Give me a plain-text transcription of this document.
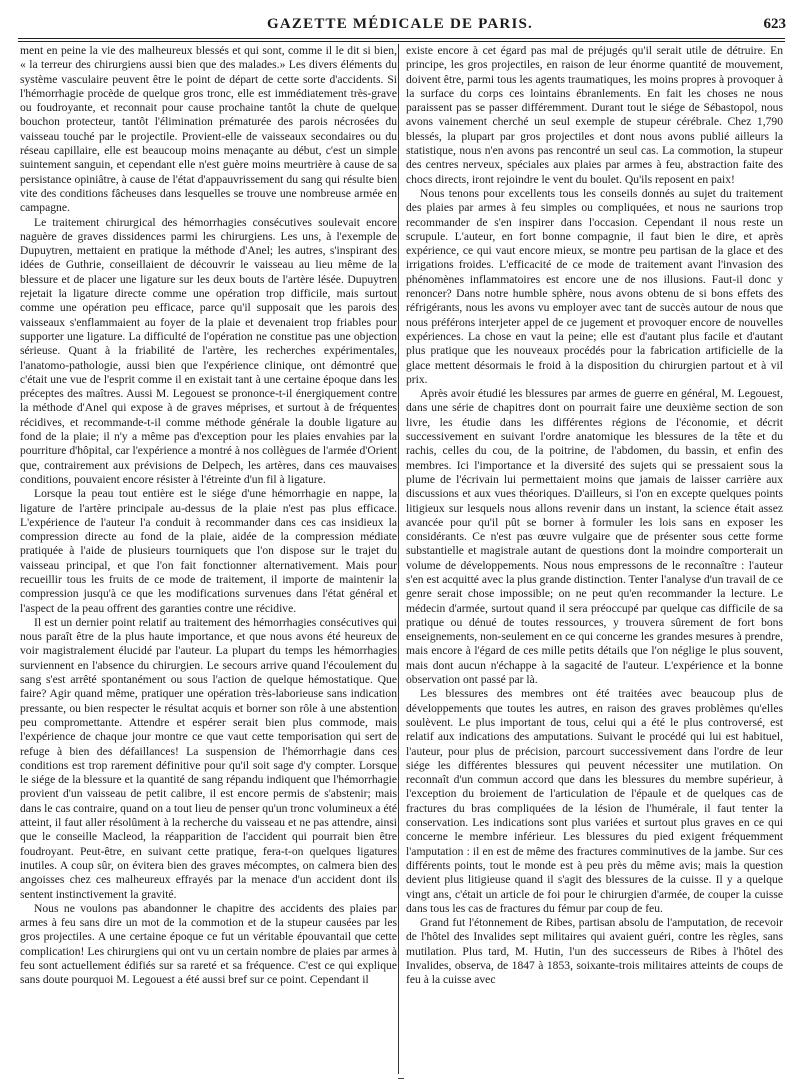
GAZETTE MÉDICALE DE PARIS.	623

ment en peine la vie des malheureux blessés et qui sont, comme il le dit si bien, « la terreur des chirurgiens aussi bien que des malades.» Les divers éléments du système vasculaire peuvent être le point de départ de cette sorte d'accidents. Si l'hémorrhagie procède de quelque gros tronc, elle est immédiatement très-grave ou foudroyante, et reconnait pour cause prochaine tantôt la chute de quelque bouchon protecteur, tantôt l'élimination prématurée des parois nécrosées du vaisseau touché par le projectile. Provient-elle de vaisseaux secondaires ou du réseau capillaire, elle est beaucoup moins menaçante au début, c'est un simple suintement sanguin, et cependant elle n'est guère moins meurtrière à cause de sa persistance opiniâtre, à cause de l'état d'appauvrissement du sang qui résulte bien vite des conditions fâcheuses dans lesquelles se trouve une nombreuse armée en campagne.

Le traitement chirurgical des hémorrhagies consécutives soulevait encore naguère de graves dissidences parmi les chirurgiens. Les uns, à l'exemple de Dupuytren, mettaient en pratique la méthode d'Anel; les autres, s'inspirant des idées de Guthrie, conseillaient de découvrir le vaisseau au lieu même de la blessure et de placer une ligature sur les deux bouts de l'artère lésée. Dupuytren rejetait la ligature directe comme une opération trop difficile, mais surtout comme une opération peu efficace, parce qu'il supposait que les parois des vaisseaux s'enflammaient au foyer de la plaie et devenaient trop friables pour supporter une ligature. La difficulté de l'opération ne constitue pas une objection sérieuse. Quant à la friabilité de l'artère, les recherches expérimentales, l'anatomo-pathologie, aussi bien que l'expérience clinique, ont démontré que c'était une vue de l'esprit comme il en existait tant à une certaine époque dans les préceptes des maîtres. Aussi M. Legouest se prononce-t-il énergiquement contre la méthode d'Anel qui expose à de graves méprises, et surtout à de fréquentes récidives, et recommande-t-il comme méthode générale la double ligature au fond de la plaie; il n'y a même pas d'exception pour les plaies envahies par la pourriture d'hôpital, car l'expérience a montré à nos collègues de l'armée d'Orient que, contrairement aux prévisions de Delpech, les artères, dans ces mauvaises conditions, pouvaient encore résister à l'étreinte d'un fil à ligature.

Lorsque la peau tout entière est le siége d'une hémorrhagie en nappe, la ligature de l'artère principale au-dessus de la plaie n'est pas plus efficace. L'expérience de l'auteur l'a conduit à recommander dans ces cas insidieux la compression directe au fond de la plaie, aidée de la compression médiate pratiquée à l'aide de plusieurs tourniquets que l'on dispose sur le trajet du vaisseau principal, et que l'on fait fonctionner alternativement. Mais pour recueillir tous les fruits de ce mode de traitement, il importe de maintenir la compression jusqu'à ce que les modifications survenues dans l'état général et l'aspect de la peau offrent des garanties contre une récidive.

Il est un dernier point relatif au traitement des hémorrhagies consécutives qui nous paraît être de la plus haute importance, et que nous avons été heureux de voir magistralement élucidé par l'auteur. La plupart du temps les hémorrhagies surviennent en l'absence du chirurgien. Le secours arrive quand l'écoulement du sang s'est arrêté spontanément ou sous l'action de quelque hémostatique. Que faire? Agir quand même, pratiquer une opération très-laborieuse sans indication pressante, ou bien respecter le résultat acquis et borner son rôle à une abstention peu compromettante. Attendre et espérer serait bien plus commode, mais l'expérience de chaque jour montre ce que vaut cette temporisation qui sert de refuge à bien des défaillances! La suspension de l'hémorrhagie dans ces conditions est trop rarement définitive pour qu'il soit sage d'y compter. Lorsque le siége de la blessure et la quantité de sang répandu indiquent que l'hémorrhagie provient d'un vaisseau de petit calibre, il est encore permis de s'abstenir; mais dans le cas contraire, quand on a tout lieu de penser qu'un tronc volumineux a été atteint, il faut aller résolûment à la recherche du vaisseau et ne pas attendre, ainsi que le conseille Macleod, la réapparition de l'accident qui pourrait bien être foudroyant. Peut-être, en suivant cette pratique, fera-t-on quelques ligatures inutiles. A coup sûr, on évitera bien des graves mécomptes, on calmera bien des angoisses chez ces malheureux effrayés par la menace d'un accident dont ils sentent instinctivement la gravité.

Nous ne voulons pas abandonner le chapitre des accidents des plaies par armes à feu sans dire un mot de la commotion et de la stupeur causées par les gros projectiles. A une certaine époque ce fut un véritable épouvantail que cette complication! Les chirurgiens qui ont vu un certain nombre de plaies par armes à feu sont actuellement édifiés sur sa rareté et sa fréquence. C'est ce qui explique sans doute pourquoi M. Legouest a été aussi bref sur ce point. Cependant il

existe encore à cet égard pas mal de préjugés qu'il serait utile de détruire. En principe, les gros projectiles, en raison de leur énorme quantité de mouvement, doivent être, parmi tous les agents traumatiques, les moins propres à provoquer à la surface du corps ces lointains ébranlements. En fait les choses ne nous paraissent pas se passer différemment. Durant tout le siége de Sébastopol, nous avons vainement cherché un seul exemple de stupeur cérébrale. Chez 1,790 blessés, la plupart par gros projectiles et dont nous avons publié ailleurs la statistique, nous n'en avons pas rencontré un seul cas. La commotion, la stupeur des centres nerveux, spéciales aux plaies par armes à feu, abstraction faite des chocs directs, iront rejoindre le vent du boulet. Qu'ils reposent en paix!

Nous tenons pour excellents tous les conseils donnés au sujet du traitement des plaies par armes à feu simples ou compliquées, et nous ne saurions trop recommander de s'en inspirer dans l'occasion. Cependant il nous reste un scrupule. L'auteur, en fort bonne compagnie, il faut bien le dire, et après expérience, ce qui vaut encore mieux, se montre peu partisan de la glace et des irrigations froides. L'efficacité de ce mode de traitement avant l'invasion des phénomènes inflammatoires est encore une de nos illusions. Faut-il donc y renoncer? Dans notre humble sphère, nous avons obtenu de si bons effets des réfrigérants, nous les avons vu employer avec tant de succès autour de nous que nous préférons interjeter appel de ce jugement et provoquer encore de nouvelles expériences. La chose en vaut la peine; elle est d'autant plus facile et d'autant plus pratique que les nouveaux procédés pour la fabrication artificielle de la glace mettent désormais le froid à la disposition du chirurgien partout et à vil prix.

Après avoir étudié les blessures par armes de guerre en général, M. Legouest, dans une série de chapitres dont on pourrait faire une deuxième section de son livre, les étudie dans les différentes régions de l'économie, et décrit successivement en suivant l'ordre anatomique les blessures de la tête et du rachis, celles du cou, de la poitrine, de l'abdomen, du bassin, et enfin des membres. Ici l'importance et la diversité des sujets qui se pressaient sous la plume de l'écrivain lui permettaient moins que jamais de laisser carrière aux discussions et aux vues théoriques. D'ailleurs, si l'on en excepte quelques points litigieux sur lesquels nous allons revenir dans un instant, la science était assez avancée pour qu'il pût se borner à formuler les lois sans en exposer les considérants. Ce n'est pas œuvre vulgaire que de présenter sous cette forme substantielle et magistrale autant de questions dont la moindre comporterait un volume de développements. Nous nous empressons de le reconnaître : l'auteur s'en est acquitté avec la plus grande distinction. Tenter l'analyse d'un travail de ce genre serait chose impossible; on ne peut qu'en recommander la lecture. Le médecin d'armée, surtout quand il sera préoccupé par quelque cas difficile de sa pratique ou dénué de toutes ressources, y trouvera sûrement de fort bons enseignements, non-seulement en ce qui concerne les grandes mesures à prendre, mais encore à l'égard de ces mille petits détails que l'on néglige le plus souvent, mais dont aucun n'échappe à la sagacité de l'auteur. L'expérience et la bonne observation ont passé par là.

Les blessures des membres ont été traitées avec beaucoup plus de développements que toutes les autres, en raison des graves problèmes qu'elles soulèvent. Le plus important de tous, celui qui a été le plus controversé, est relatif aux indications des amputations. Suivant le procédé qui lui est habituel, l'auteur, pour plus de précision, parcourt successivement dans l'ordre de leur siége les différentes blessures qui peuvent nécessiter une mutilation. On reconnaît d'un commun accord que dans les blessures du membre supérieur, à l'exception du broiement de l'articulation de l'épaule et de quelques cas de fractures du bras compliquées de la lésion de l'humérale, il faut tenter la conservation. Les indications sont plus variées et surtout plus graves en ce qui concerne le membre inférieur. Les blessures du pied exigent fréquemment l'amputation : il en est de même des fractures comminutives de la jambe. Sur ces différents points, tout le monde est à peu près du même avis; mais la question devient plus litigieuse quand il s'agit des blessures de la cuisse. Il y a quelque vingt ans, c'était un article de foi pour le chirurgien d'armée, de couper la cuisse dans tous les cas de fractures du fémur par coup de feu.

Grand fut l'étonnement de Ribes, partisan absolu de l'amputation, de recevoir de l'hôtel des Invalides sept militaires qui avaient guéri, contre les règles, sans mutilation. Plus tard, M. Hutin, l'un des successeurs de Ribes à l'hôtel des Invalides, observa, de 1847 à 1853, soixante-trois militaires atteints de coups de feu à la cuisse avec
